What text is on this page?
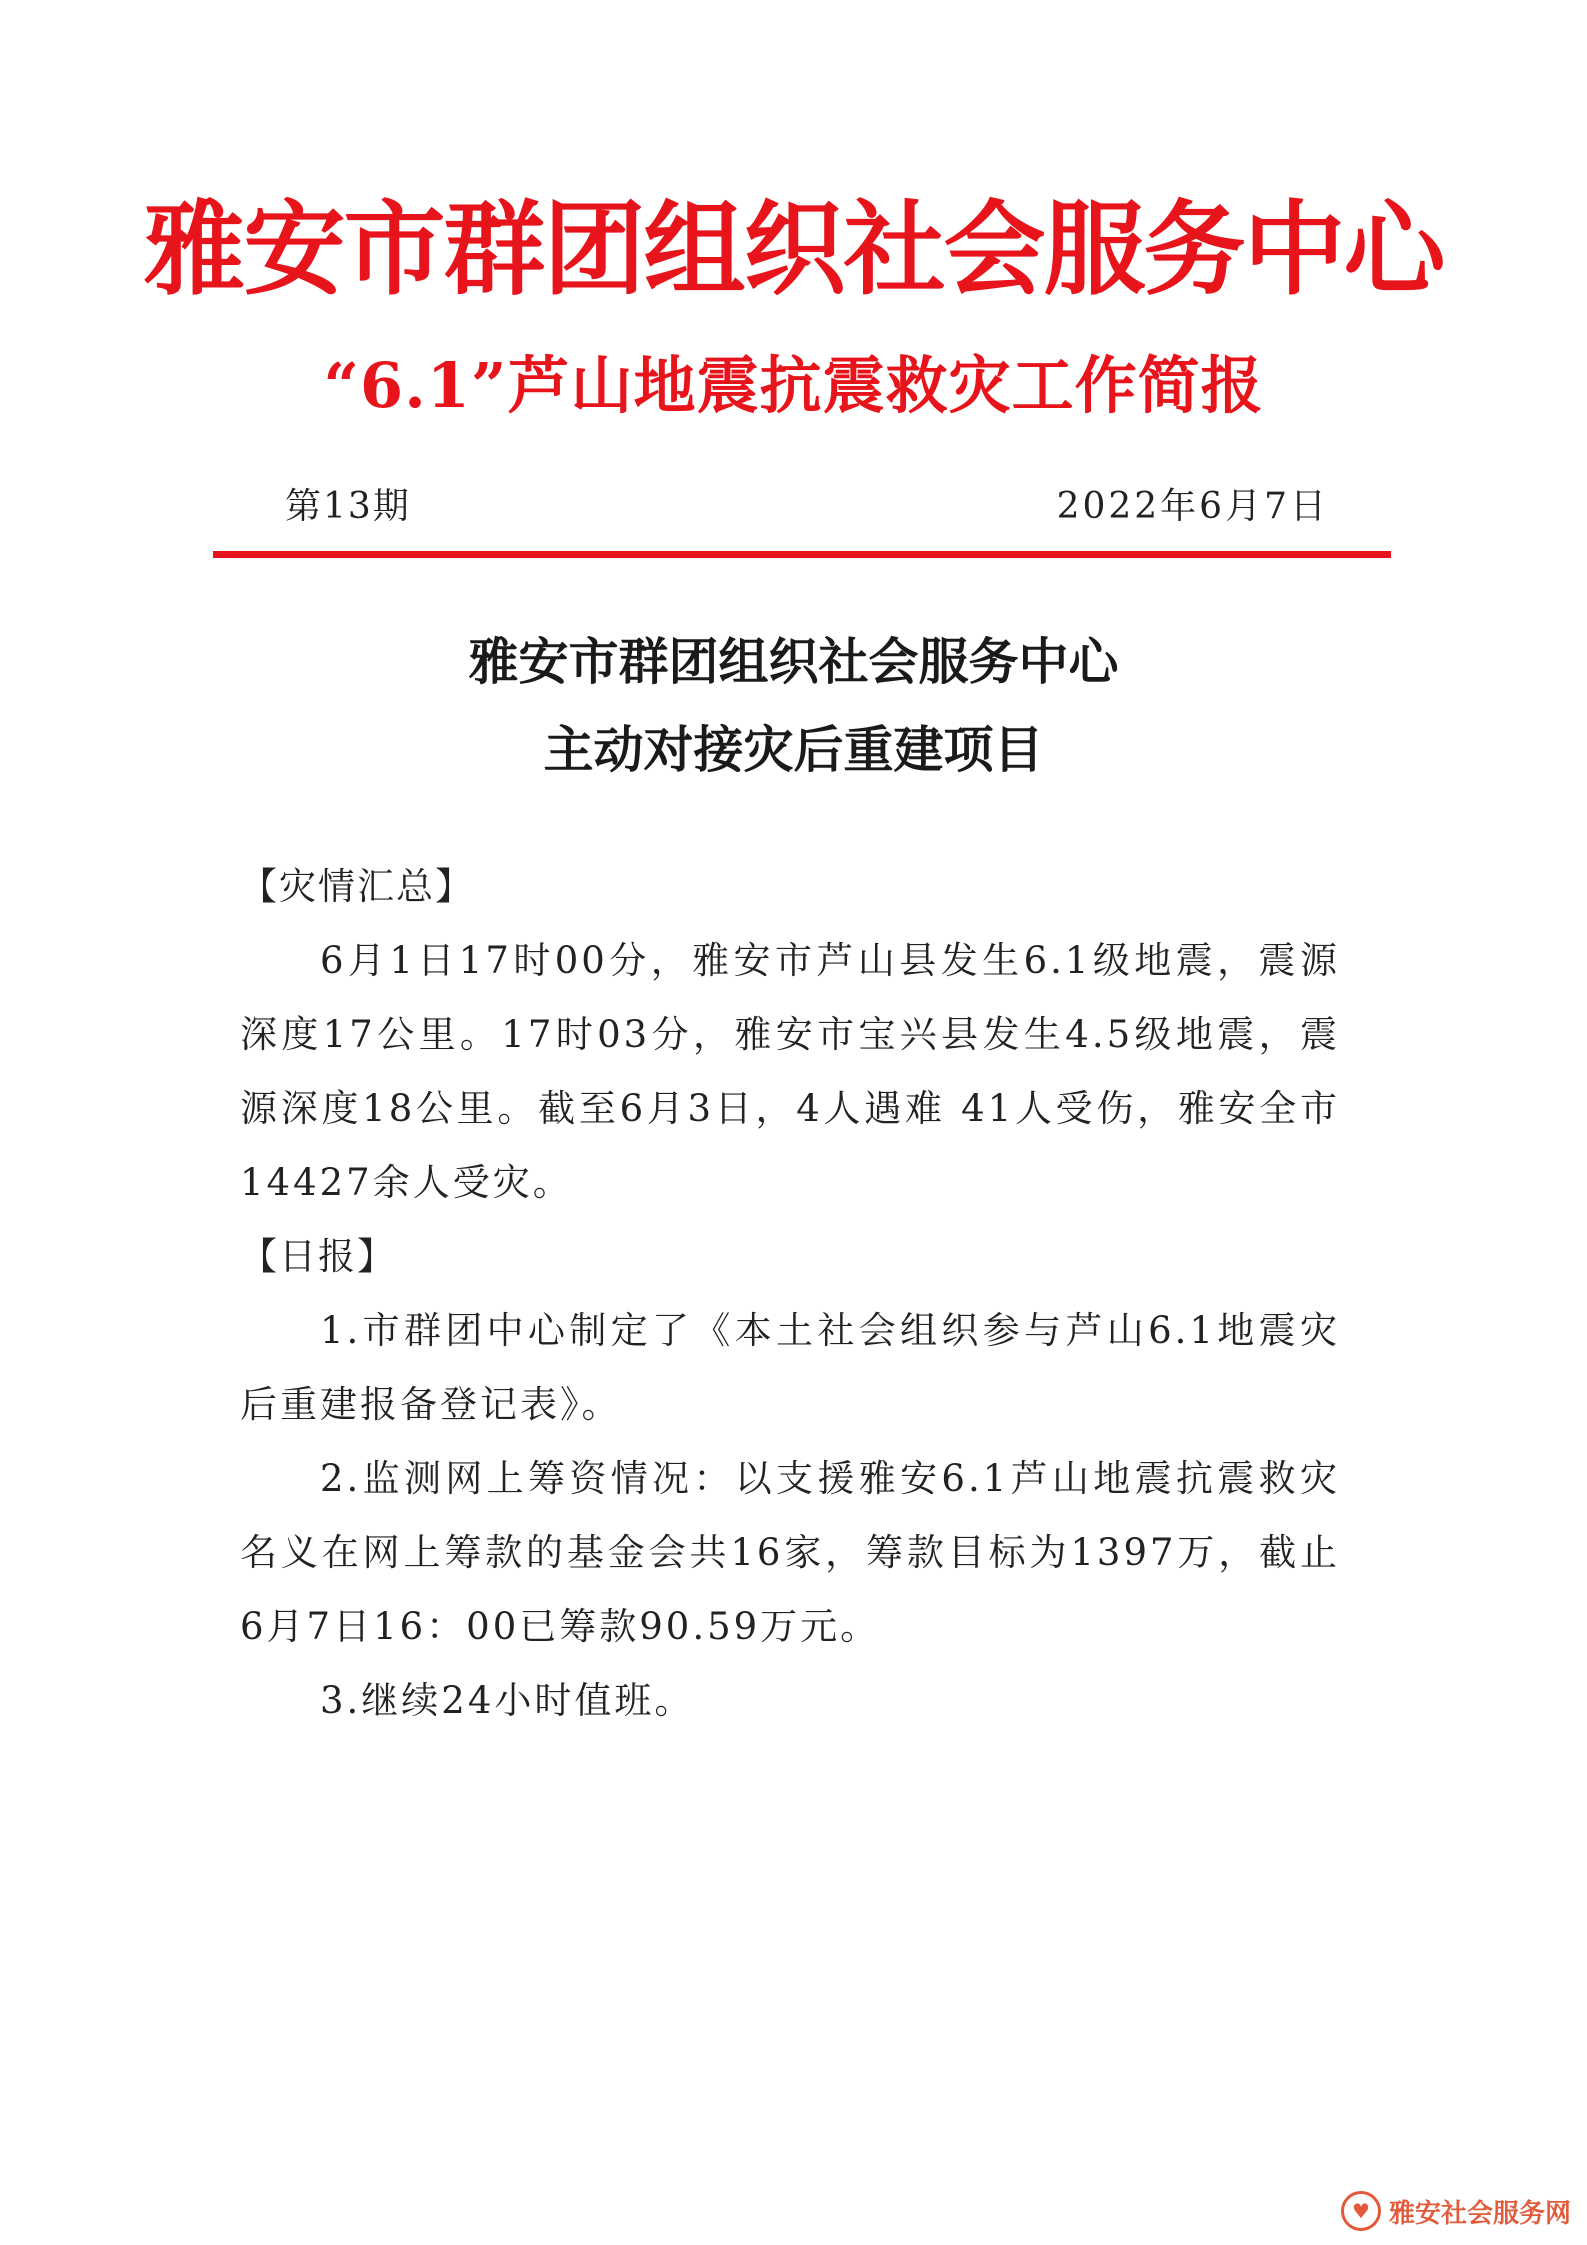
雅安市群团组织社会服务中心
“6.1”芦山地震抗震救灾工作简报
第13期	2022年6月7日
雅安市群团组织社会服务中心
主动对接灾后重建项目

【灾情汇总】

6月1日17时00分，雅安市芦山县发生6.1级地震，震源深度17公里。17时03分，雅安市宝兴县发生4.5级地震，震源深度18公里。截至6月3日，4人遇难 41人受伤，雅安全市14427余人受灾。

【日报】

1.市群团中心制定了《本土社会组织参与芦山6.1地震灾后重建报备登记表》。

2.监测网上筹资情况：以支援雅安6.1芦山地震抗震救灾名义在网上筹款的基金会共16家，筹款目标为1397万，截止6月7日16：00已筹款90.59万元。

3.继续24小时值班。

♥ 雅安社会服务网
